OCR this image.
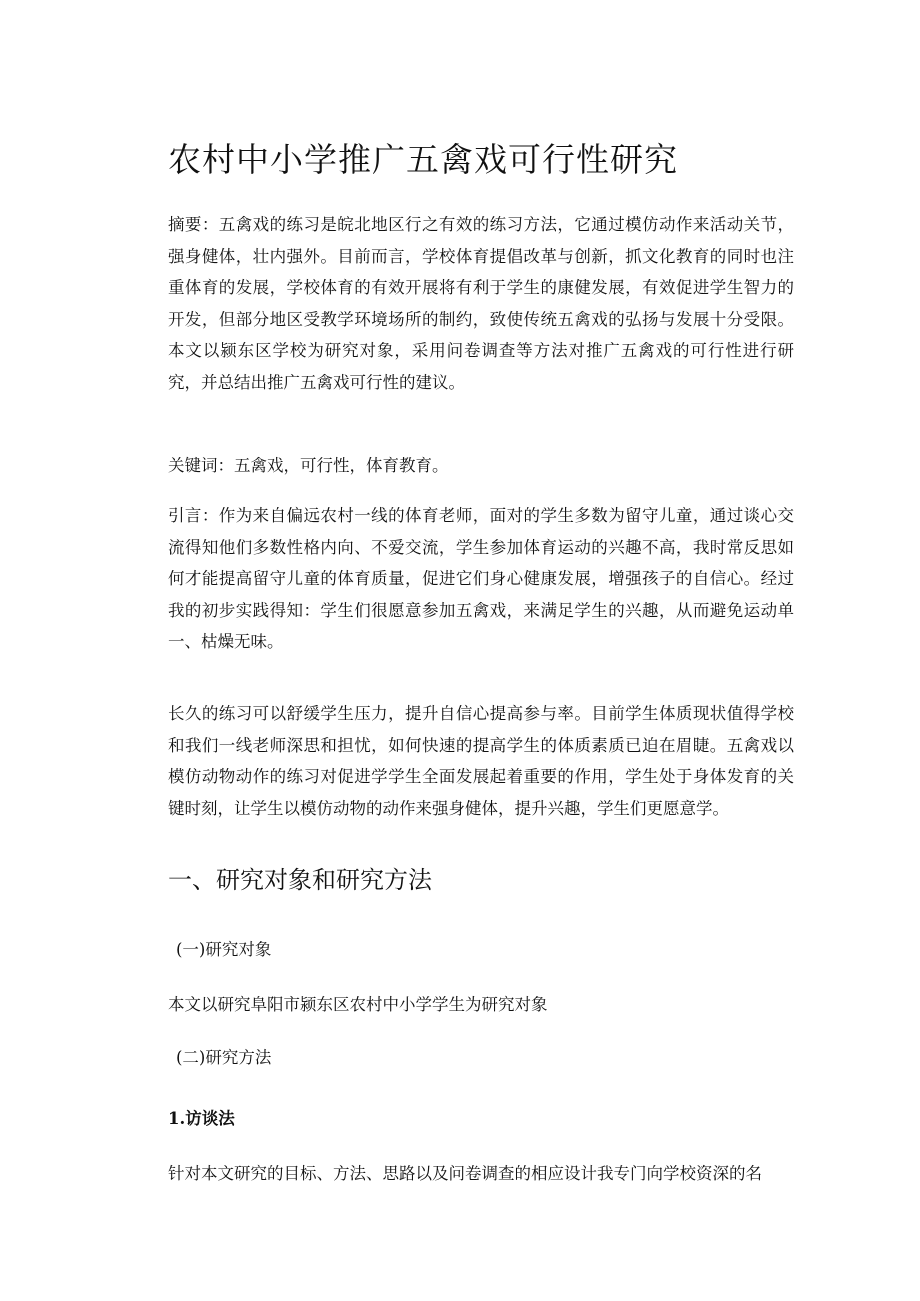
农村中小学推广五禽戏可行性研究

摘要：五禽戏的练习是皖北地区行之有效的练习方法，它通过模仿动作来活动关节，强身健体，壮内强外。目前而言，学校体育提倡改革与创新，抓文化教育的同时也注重体育的发展，学校体育的有效开展将有利于学生的康健发展，有效促进学生智力的开发，但部分地区受教学环境场所的制约，致使传统五禽戏的弘扬与发展十分受限。本文以颍东区学校为研究对象，采用问卷调查等方法对推广五禽戏的可行性进行研究，并总结出推广五禽戏可行性的建议。

关键词：五禽戏，可行性，体育教育。

引言：作为来自偏远农村一线的体育老师，面对的学生多数为留守儿童，通过谈心交流得知他们多数性格内向、不爱交流，学生参加体育运动的兴趣不高，我时常反思如何才能提高留守儿童的体育质量，促进它们身心健康发展，增强孩子的自信心。经过我的初步实践得知：学生们很愿意参加五禽戏，来满足学生的兴趣，从而避免运动单一、枯燥无味。

长久的练习可以舒缓学生压力，提升自信心提高参与率。目前学生体质现状值得学校和我们一线老师深思和担忧，如何快速的提高学生的体质素质已迫在眉睫。五禽戏以模仿动物动作的练习对促进学学生全面发展起着重要的作用，学生处于身体发育的关键时刻，让学生以模仿动物的动作来强身健体，提升兴趣，学生们更愿意学。

一、研究对象和研究方法
(一)研究对象

本文以研究阜阳市颍东区农村中小学学生为研究对象

(二)研究方法
1.访谈法

针对本文研究的目标、方法、思路以及问卷调查的相应设计我专门向学校资深的名
